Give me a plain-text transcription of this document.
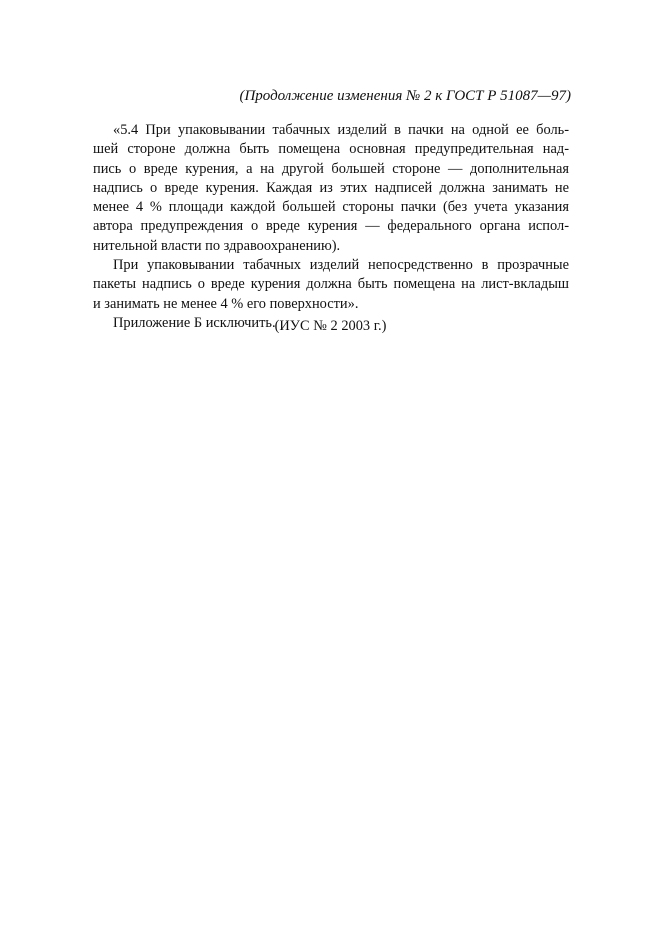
(Продолжение изменения № 2 к ГОСТ Р 51087—97)
«5.4 При упаковывании табачных изделий в пачки на одной ее боль-
шей стороне должна быть помещена основная предупредительная над-
пись о вреде курения, а на другой большей стороне — дополнительная
надпись о вреде курения. Каждая из этих надписей должна занимать не
менее 4 % площади каждой большей стороны пачки (без учета указания
автора предупреждения о вреде курения — федерального органа испол-
нительной власти по здравоохранению).
При упаковывании табачных изделий непосредственно в прозрачные
пакеты надпись о вреде курения должна быть помещена на лист-вкладыш
и занимать не менее 4 % его поверхности».
Приложение Б исключить. (ИУС № 2 2003 г.)
